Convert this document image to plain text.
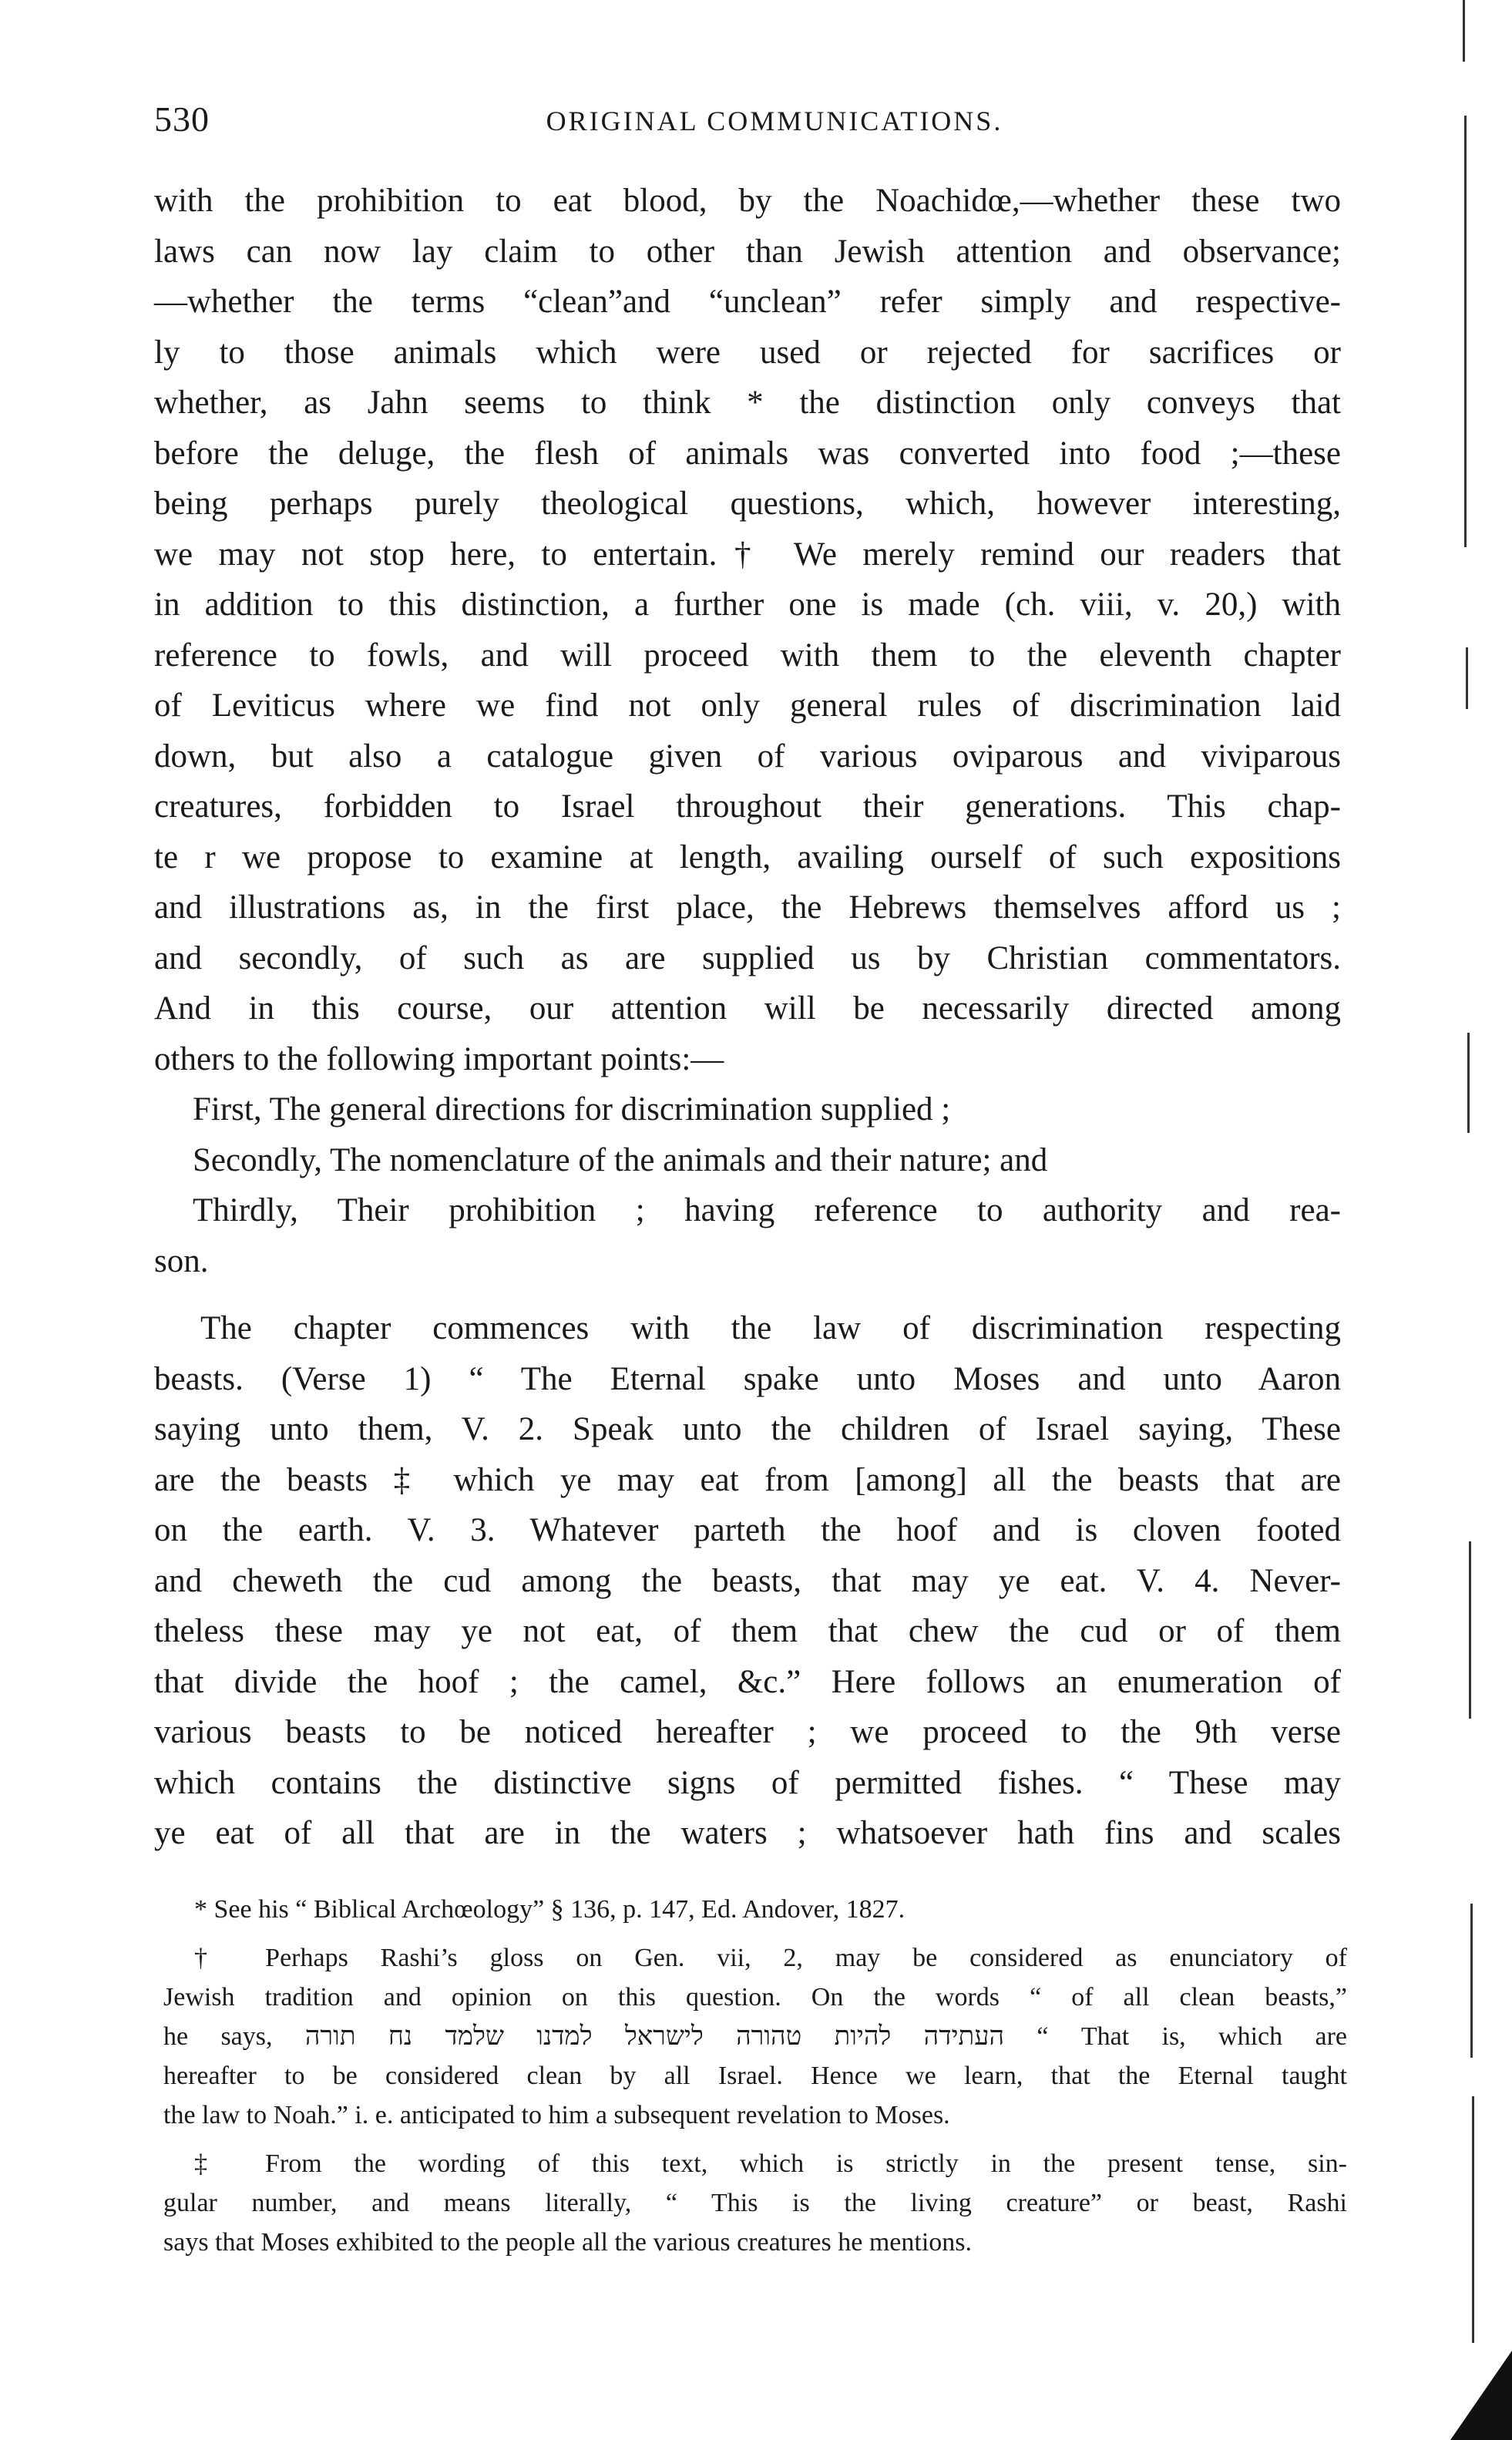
530	ORIGINAL COMMUNICATIONS.
with the prohibition to eat blood, by the Noachidœ,—whether these two
laws can now lay claim to other than Jewish attention and observance;
—whether the terms “clean”and “unclean” refer simply and respective-
ly to those animals which were used or rejected for sacrifices or
whether, as Jahn seems to think * the distinction only conveys that
before the deluge, the flesh of animals was converted into food ;—these
being perhaps purely theological questions, which, however interesting,
we may not stop here, to entertain.† We merely remind our readers that
in addition to this distinction, a further one is made (ch. viii, v. 20,) with
reference to fowls, and will proceed with them to the eleventh chapter
of Leviticus where we find not only general rules of discrimination laid
down, but also a catalogue given of various oviparous and viviparous
creatures, forbidden to Israel throughout their generations. This chap-
te r we propose to examine at length, availing ourself of such expositions
and illustrations as, in the first place, the Hebrews themselves afford us ;
and secondly, of such as are supplied us by Christian commentators.
And in this course, our attention will be necessarily directed among
others to the following important points:—
First, The general directions for discrimination supplied ;
Secondly, The nomenclature of the animals and their nature; and
Thirdly, Their prohibition ; having reference to authority and rea-
son.
The chapter commences with the law of discrimination respecting
beasts. (Verse 1) “ The Eternal spake unto Moses and unto Aaron
saying unto them, V. 2. Speak unto the children of Israel saying, These
are the beasts ‡ which ye may eat from [among] all the beasts that are
on the earth. V. 3. Whatever parteth the hoof and is cloven footed
and cheweth the cud among the beasts, that may ye eat. V. 4. Never-
theless these may ye not eat, of them that chew the cud or of them
that divide the hoof ; the camel, &c.” Here follows an enumeration of
various beasts to be noticed hereafter ; we proceed to the 9th verse
which contains the distinctive signs of permitted fishes. “ These may
ye eat of all that are in the waters ; whatsoever hath fins and scales
* See his “ Biblical Archœology” § 136, p. 147, Ed. Andover, 1827.
† Perhaps Rashi’s gloss on Gen. vii, 2, may be considered as enunciatory of
Jewish tradition and opinion on this question. On the words “ of all clean beasts,”
he says, העתידה להיות טהורה לישראל למדנו שלמד נח תורה “ That is, which are
hereafter to be considered clean by all Israel. Hence we learn, that the Eternal taught
the law to Noah.” i. e. anticipated to him a subsequent revelation to Moses.
‡ From the wording of this text, which is strictly in the present tense, sin-
gular number, and means literally, “ This is the living creature” or beast, Rashi
says that Moses exhibited to the people all the various creatures he mentions.
